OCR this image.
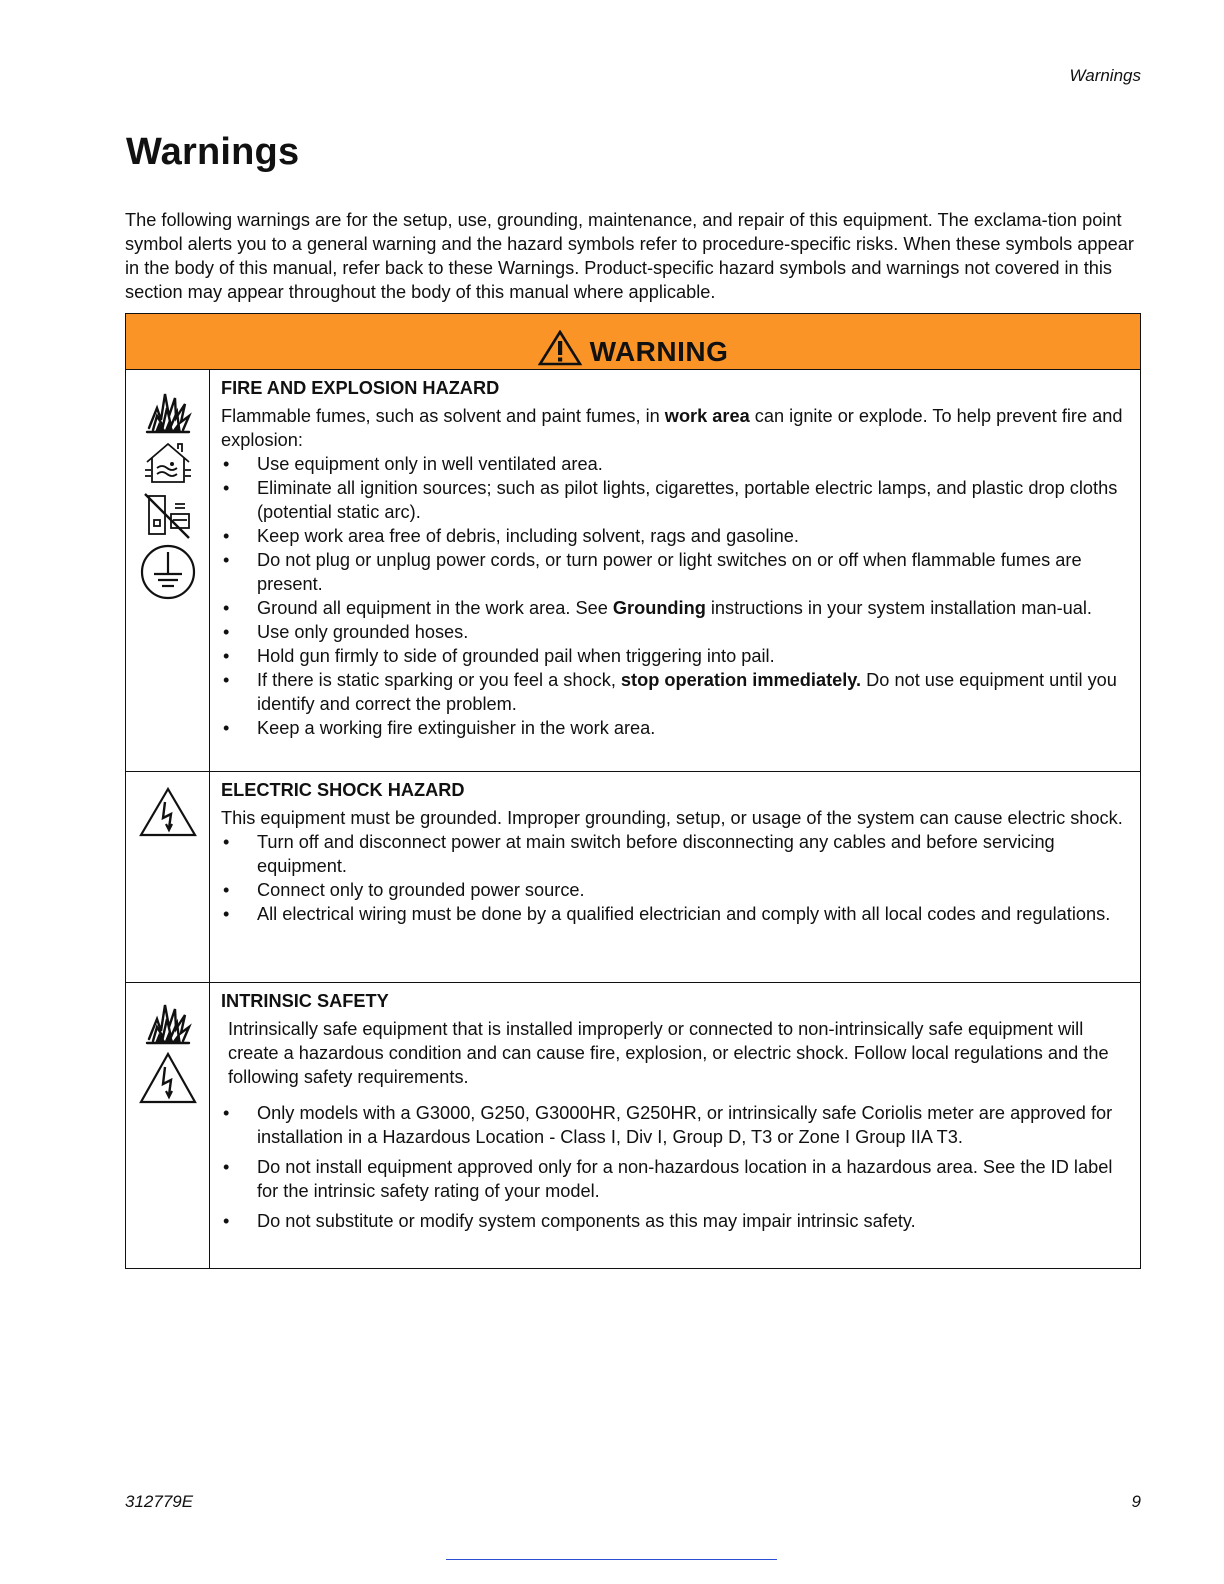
Warnings
Warnings

The following warnings are for the setup, use, grounding, maintenance, and repair of this equipment. The exclama-tion point symbol alerts you to a general warning and the hazard symbols refer to procedure-specific risks. When these symbols appear in the body of this manual, refer back to these Warnings. Product-specific hazard symbols and warnings not covered in this section may appear throughout the body of this manual where applicable.

WARNING

FIRE AND EXPLOSION HAZARD

Flammable fumes, such as solvent and paint fumes, in work area can ignite or explode. To help prevent fire and explosion:

• Use equipment only in well ventilated area.
• Eliminate all ignition sources; such as pilot lights, cigarettes, portable electric lamps, and plastic drop cloths (potential static arc).
• Keep work area free of debris, including solvent, rags and gasoline.
• Do not plug or unplug power cords, or turn power or light switches on or off when flammable fumes are present.
• Ground all equipment in the work area. See Grounding instructions in your system installation man-ual.
• Use only grounded hoses.
• Hold gun firmly to side of grounded pail when triggering into pail.
• If there is static sparking or you feel a shock, stop operation immediately. Do not use equipment until you identify and correct the problem.
• Keep a working fire extinguisher in the work area.

ELECTRIC SHOCK HAZARD

This equipment must be grounded. Improper grounding, setup, or usage of the system can cause electric shock.

• Turn off and disconnect power at main switch before disconnecting any cables and before servicing equipment.
• Connect only to grounded power source.
• All electrical wiring must be done by a qualified electrician and comply with all local codes and regulations.

INTRINSIC SAFETY

Intrinsically safe equipment that is installed improperly or connected to non-intrinsically safe equipment will create a hazardous condition and can cause fire, explosion, or electric shock. Follow local regulations and the following safety requirements.

• Only models with a G3000, G250, G3000HR, G250HR, or intrinsically safe Coriolis meter are approved for installation in a Hazardous Location - Class I, Div I, Group D, T3 or Zone I Group IIA T3.
• Do not install equipment approved only for a non-hazardous location in a hazardous area. See the ID label for the intrinsic safety rating of your model.
• Do not substitute or modify system components as this may impair intrinsic safety.
312779E	9
